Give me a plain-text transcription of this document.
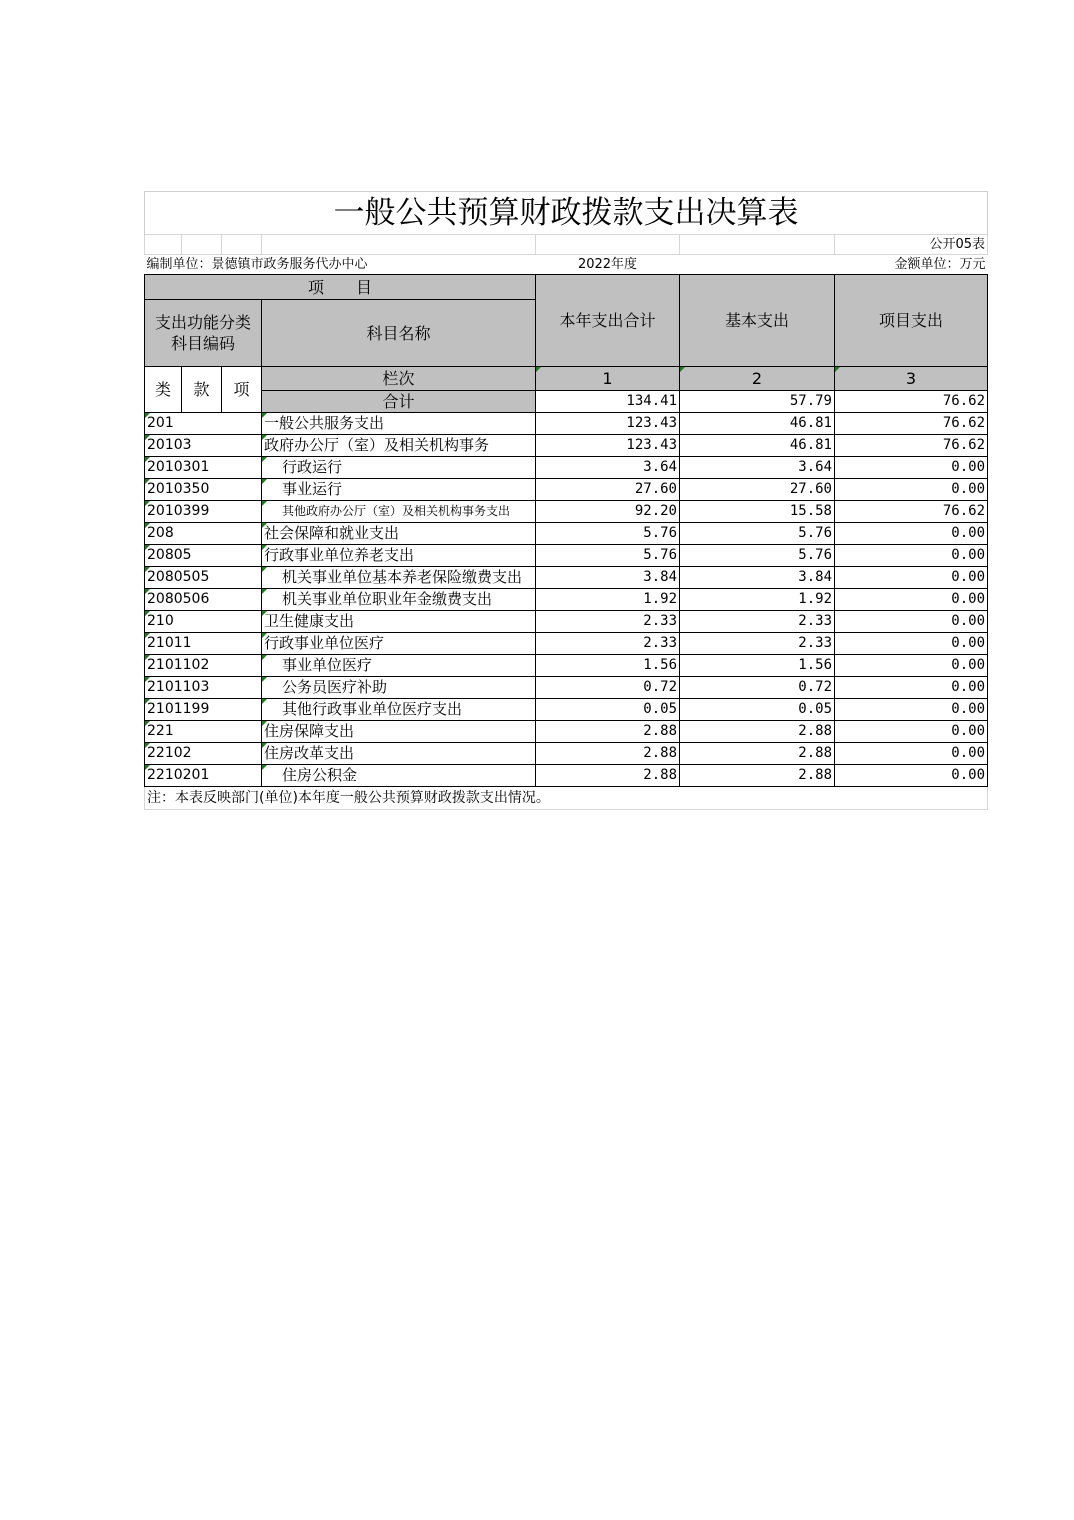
一般公共预算财政拨款支出决算表						
						公开05表
编制单位：景德镇市政务服务代办中心				2022年度		金额单位：万元
项　　目				本年支出合计	基本支出	项目支出
支出功能分类科目编码			科目名称			
类	款	项	栏次	1	2	3
			合计	134.41	57.79	76.62
201			一般公共服务支出	123.43	46.81	76.62
20103			政府办公厅（室）及相关机构事务	123.43	46.81	76.62
2010301			行政运行	3.64	3.64	0.00
2010350			事业运行	27.60	27.60	0.00
2010399			其他政府办公厅（室）及相关机构事务支出	92.20	15.58	76.62
208			社会保障和就业支出	5.76	5.76	0.00
20805			行政事业单位养老支出	5.76	5.76	0.00
2080505			机关事业单位基本养老保险缴费支出	3.84	3.84	0.00
2080506			机关事业单位职业年金缴费支出	1.92	1.92	0.00
210			卫生健康支出	2.33	2.33	0.00
21011			行政事业单位医疗	2.33	2.33	0.00
2101102			事业单位医疗	1.56	1.56	0.00
2101103			公务员医疗补助	0.72	0.72	0.00
2101199			其他行政事业单位医疗支出	0.05	0.05	0.00
221			住房保障支出	2.88	2.88	0.00
22102			住房改革支出	2.88	2.88	0.00
2210201			住房公积金	2.88	2.88	0.00
注：本表反映部门(单位)本年度一般公共预算财政拨款支出情况。						
